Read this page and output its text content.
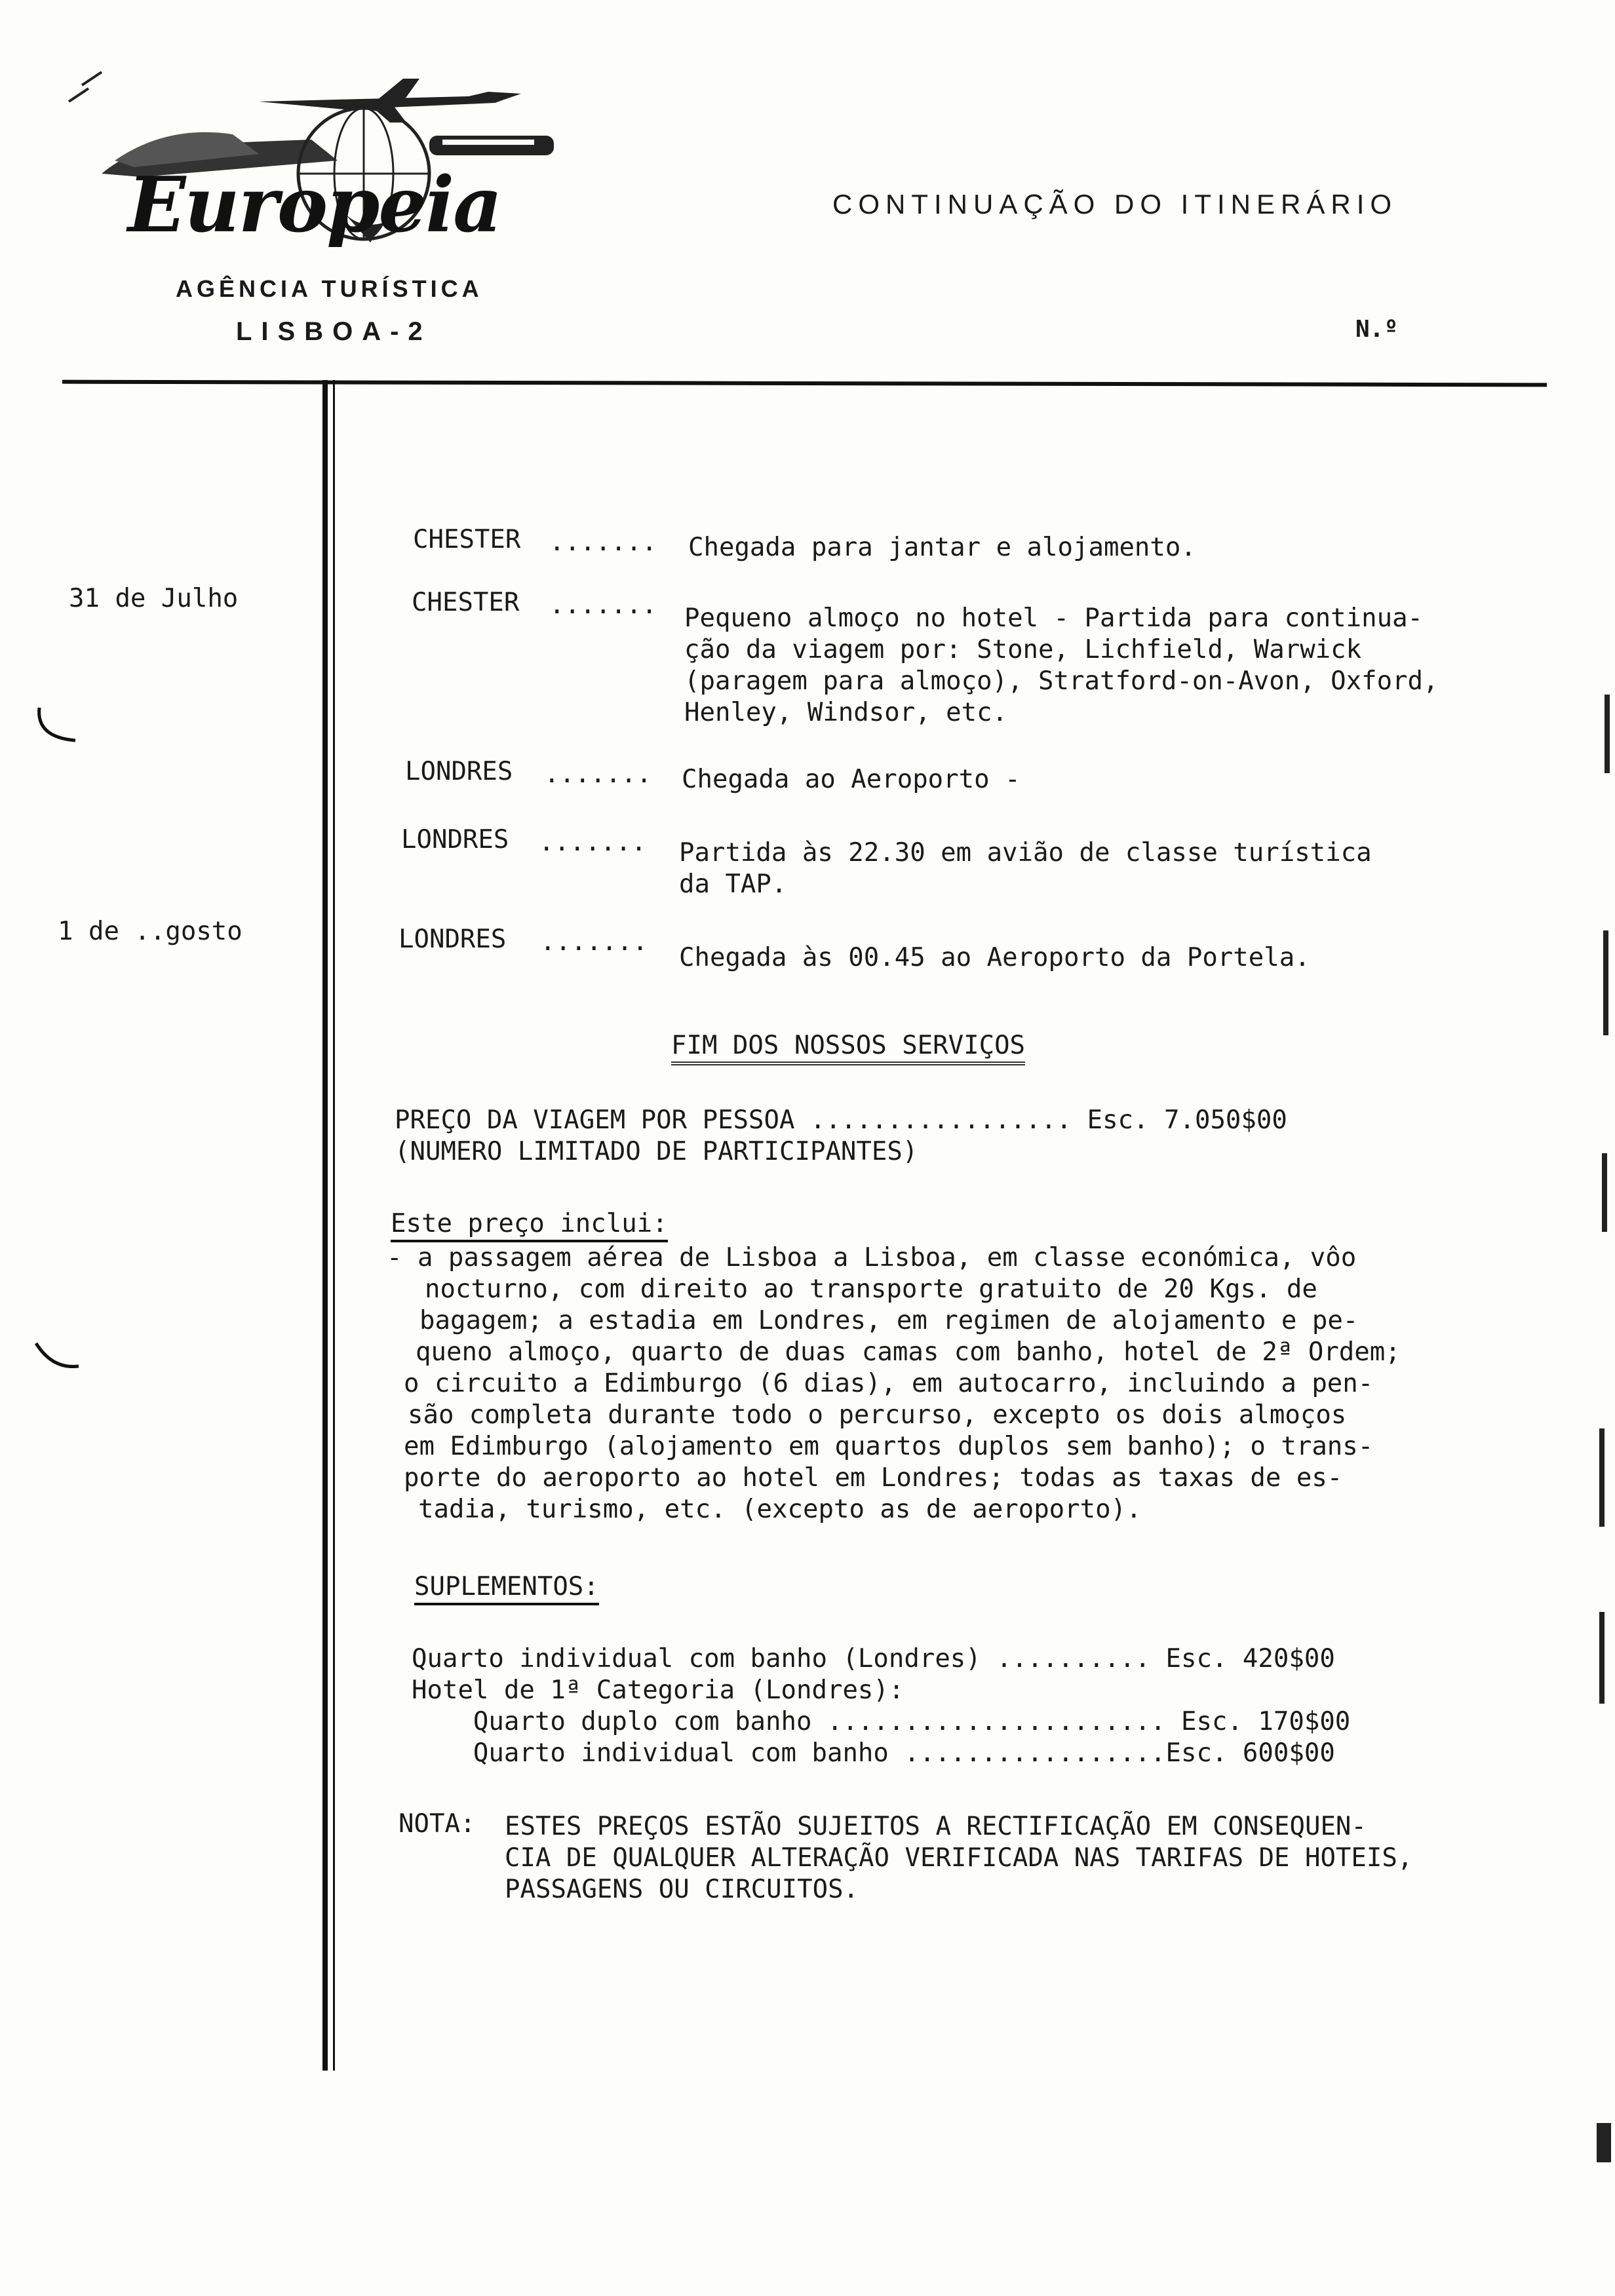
Europeia
AGÊNCIA TURÍSTICA
LISBOA-2
CONTINUAÇÃO DO ITINERÁRIO
N.º
31 de Julho
1 de ..gosto
CHESTER ....... Chegada para jantar e alojamento.
CHESTER ....... Pequeno almoço no hotel - Partida para continua-
ção da viagem por: Stone, Lichfield, Warwick
(paragem para almoço), Stratford-on-Avon, Oxford,
Henley, Windsor, etc.
LONDRES ....... Chegada ao Aeroporto -
LONDRES ....... Partida às 22.30 em avião de classe turística
da TAP.
LONDRES .......
Chegada às 00.45 ao Aeroporto da Portela.
FIM DOS NOSSOS SERVIÇOS
PREÇO DA VIAGEM POR PESSOA ................. Esc. 7.050$00
(NUMERO LIMITADO DE PARTICIPANTES)
Este preço inclui:
- a passagem aérea de Lisboa a Lisboa, em classe económica, vôo
nocturno, com direito ao transporte gratuito de 20 Kgs. de
bagagem; a estadia em Londres, em regimen de alojamento e pe-
queno almoço, quarto de duas camas com banho, hotel de 2ª Ordem;
o circuito a Edimburgo (6 dias), em autocarro, incluindo a pen-
são completa durante todo o percurso, excepto os dois almoços
em Edimburgo (alojamento em quartos duplos sem banho); o trans-
porte do aeroporto ao hotel em Londres; todas as taxas de es-
tadia, turismo, etc. (excepto as de aeroporto).
SUPLEMENTOS:
Quarto individual com banho (Londres) .......... Esc. 420$00
Hotel de 1ª Categoria (Londres):
Quarto duplo com banho ...................... Esc. 170$00
Quarto individual com banho .................Esc. 600$00
NOTA: ESTES PREÇOS ESTÃO SUJEITOS A RECTIFICAÇÃO EM CONSEQUEN-
CIA DE QUALQUER ALTERAÇÃO VERIFICADA NAS TARIFAS DE HOTEIS,
PASSAGENS OU CIRCUITOS.
